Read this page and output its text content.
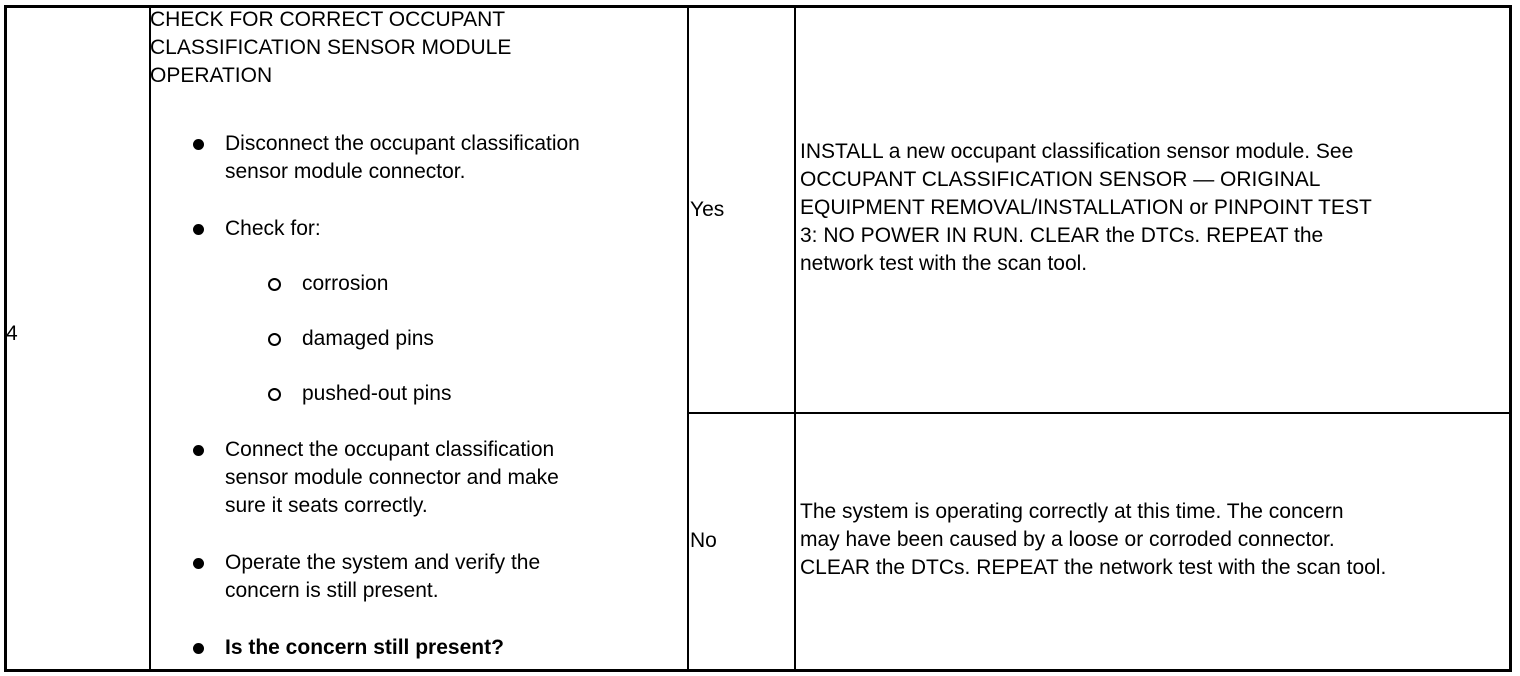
4
CHECK FOR CORRECT OCCUPANT
CLASSIFICATION SENSOR MODULE
OPERATION
Disconnect the occupant classification
sensor module connector.
Check for:
corrosion
damaged pins
pushed-out pins
Connect the occupant classification
sensor module connector and make
sure it seats correctly.
Operate the system and verify the
concern is still present.
Is the concern still present?
Yes
No
INSTALL a new occupant classification sensor module. See
OCCUPANT CLASSIFICATION SENSOR — ORIGINAL
EQUIPMENT REMOVAL/INSTALLATION or PINPOINT TEST
3: NO POWER IN RUN. CLEAR the DTCs. REPEAT the
network test with the scan tool.
The system is operating correctly at this time. The concern
may have been caused by a loose or corroded connector.
CLEAR the DTCs. REPEAT the network test with the scan tool.
